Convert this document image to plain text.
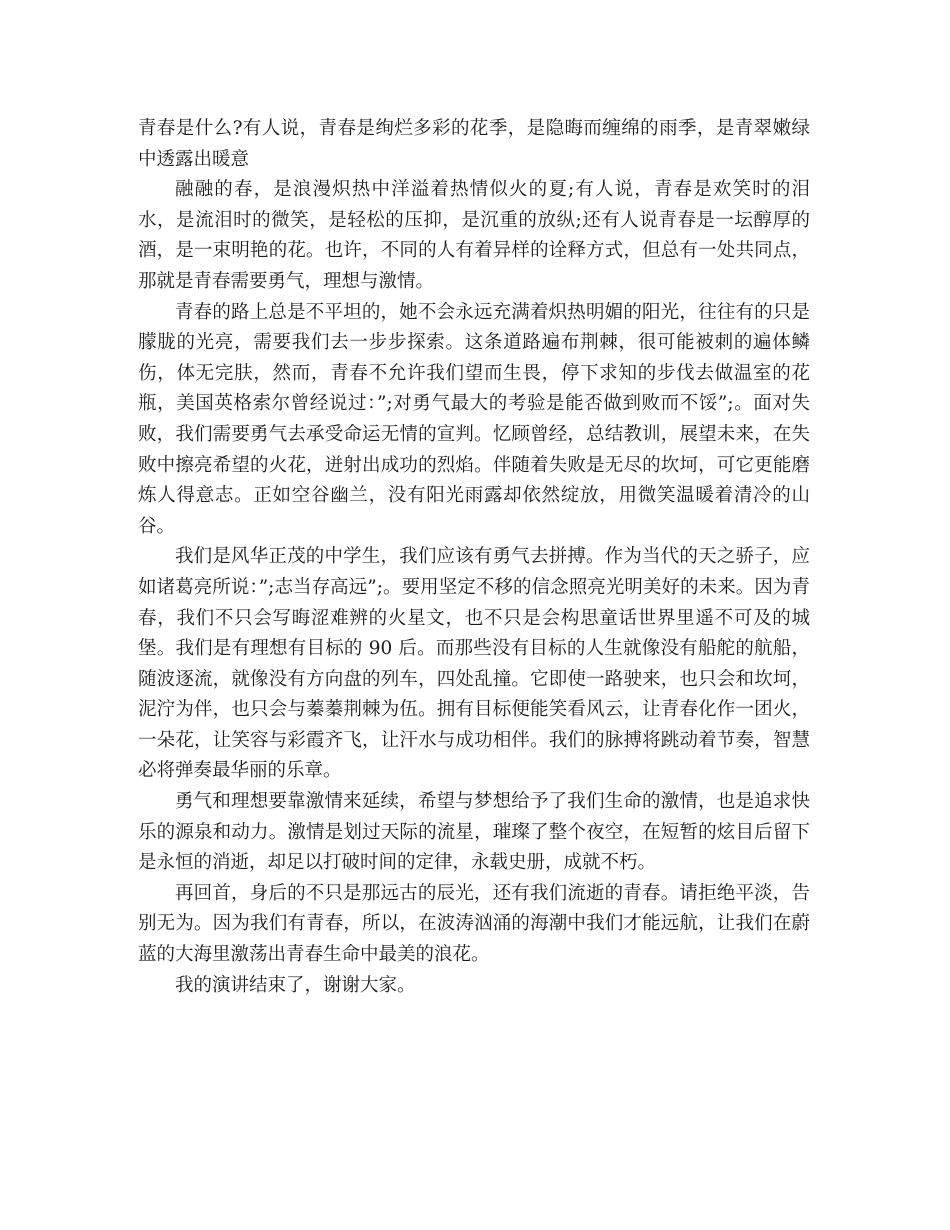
青春是什么?有人说，青春是绚烂多彩的花季，是隐晦而缠绵的雨季，是青翠嫩绿中透露出暖意

融融的春，是浪漫炽热中洋溢着热情似火的夏;有人说，青春是欢笑时的泪水，是流泪时的微笑，是轻松的压抑，是沉重的放纵;还有人说青春是一坛醇厚的酒，是一束明艳的花。也许，不同的人有着异样的诠释方式，但总有一处共同点，那就是青春需要勇气，理想与激情。

青春的路上总是不平坦的，她不会永远充满着炽热明媚的阳光，往往有的只是朦胧的光亮，需要我们去一步步探索。这条道路遍布荆棘，很可能被刺的遍体鳞伤，体无完肤，然而，青春不允许我们望而生畏，停下求知的步伐去做温室的花瓶，美国英格索尔曾经说过：”;对勇气最大的考验是能否做到败而不馁”;。面对失败，我们需要勇气去承受命运无情的宣判。忆顾曾经，总结教训，展望未来，在失败中擦亮希望的火花，迸射出成功的烈焰。伴随着失败是无尽的坎坷，可它更能磨炼人得意志。正如空谷幽兰，没有阳光雨露却依然绽放，用微笑温暖着清冷的山谷。

我们是风华正茂的中学生，我们应该有勇气去拼搏。作为当代的天之骄子，应如诸葛亮所说：”;志当存高远”;。要用坚定不移的信念照亮光明美好的未来。因为青春，我们不只会写晦涩难辨的火星文，也不只是会构思童话世界里遥不可及的城堡。我们是有理想有目标的 90 后。而那些没有目标的人生就像没有船舵的航船，随波逐流，就像没有方向盘的列车，四处乱撞。它即使一路驶来，也只会和坎坷，泥泞为伴，也只会与蓁蓁荆棘为伍。拥有目标便能笑看风云，让青春化作一团火，一朵花，让笑容与彩霞齐飞，让汗水与成功相伴。我们的脉搏将跳动着节奏，智慧必将弹奏最华丽的乐章。

勇气和理想要靠激情来延续，希望与梦想给予了我们生命的激情，也是追求快乐的源泉和动力。激情是划过天际的流星，璀璨了整个夜空，在短暂的炫目后留下是永恒的消逝，却足以打破时间的定律，永载史册，成就不朽。

再回首，身后的不只是那远古的辰光，还有我们流逝的青春。请拒绝平淡，告别无为。因为我们有青春，所以，在波涛汹涌的海潮中我们才能远航，让我们在蔚蓝的大海里激荡出青春生命中最美的浪花。

我的演讲结束了，谢谢大家。
